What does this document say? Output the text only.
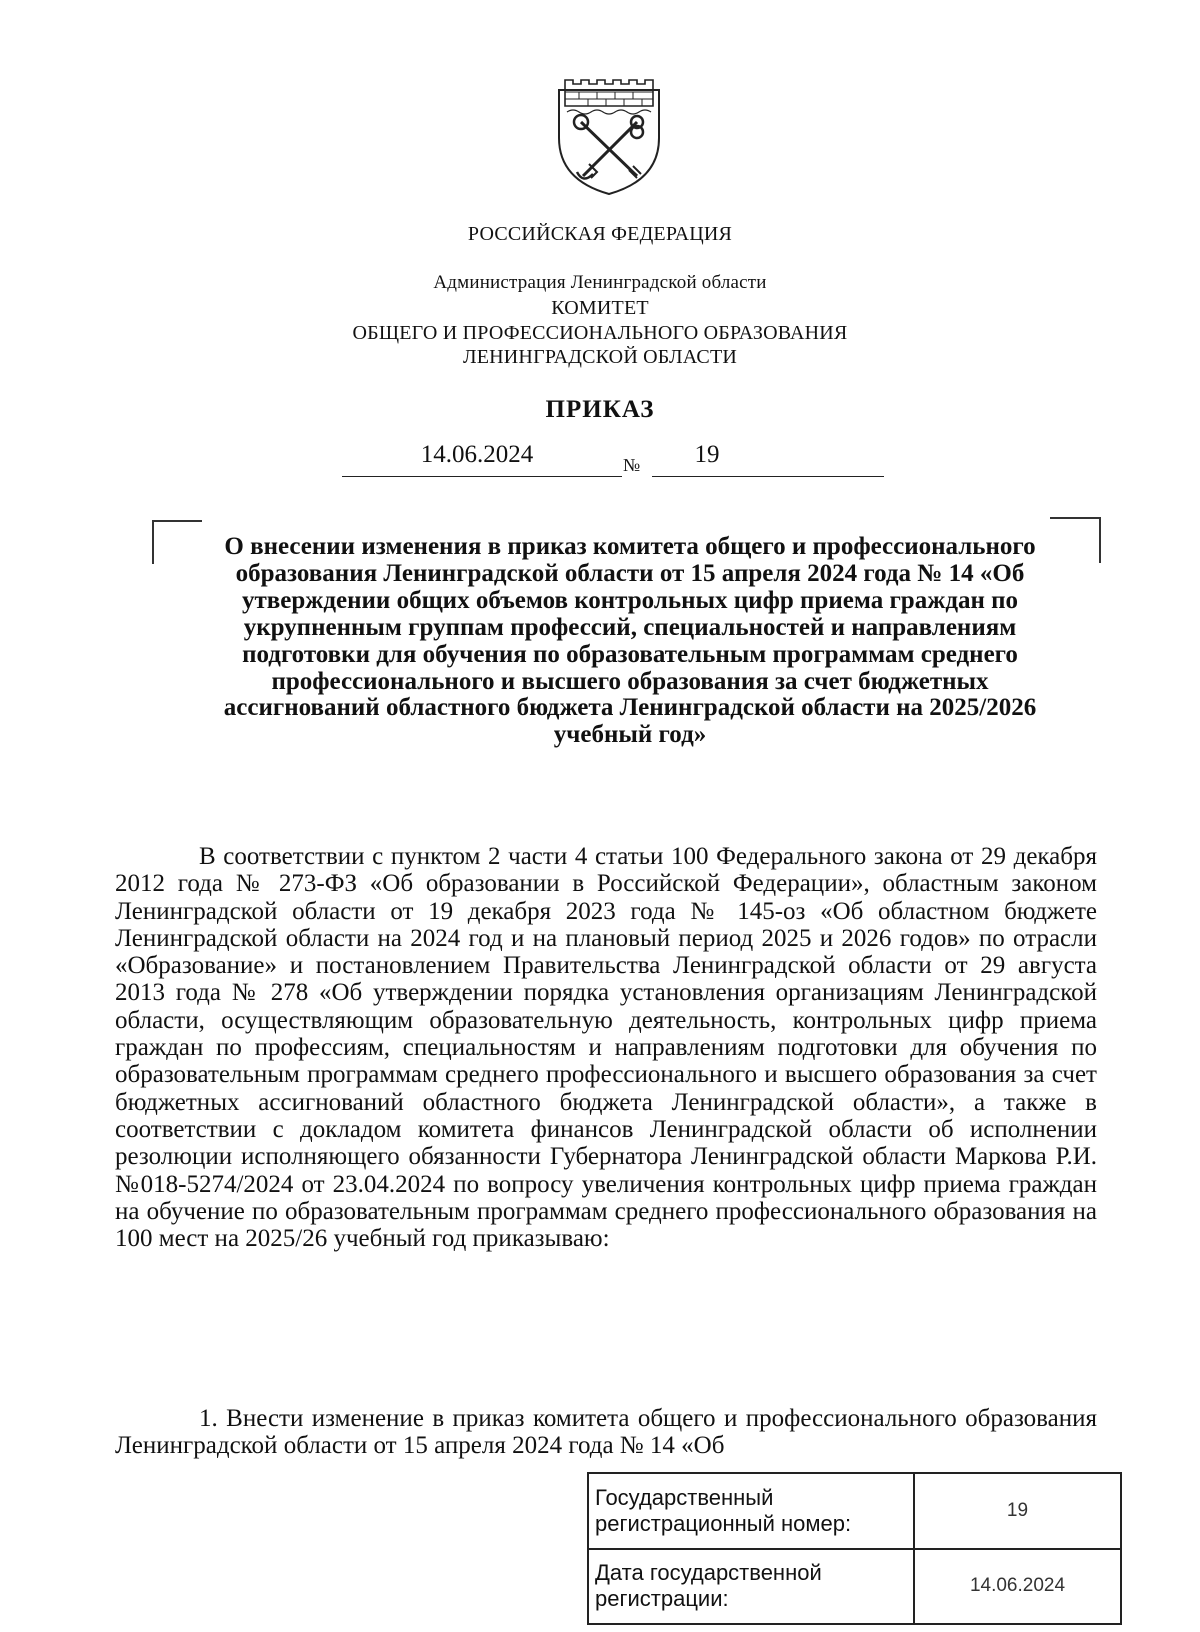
РОССИЙСКАЯ ФЕДЕРАЦИЯ
Администрация Ленинградской области
КОМИТЕТ
ОБЩЕГО И ПРОФЕССИОНАЛЬНОГО ОБРАЗОВАНИЯ
ЛЕНИНГРАДСКОЙ ОБЛАСТИ
ПРИКАЗ
14.06.2024	№	19
О внесении изменения в приказ комитета общего и профессионального образования Ленинградской области от 15 апреля 2024 года № 14 «Об утверждении общих объемов контрольных цифр приема граждан по укрупненным группам профессий, специальностей и направлениям подготовки для обучения по образовательным программам среднего профессионального и высшего образования за счет бюджетных ассигнований областного бюджета Ленинградской области на 2025/2026 учебный год»
В соответствии с пунктом 2 части 4 статьи 100 Федерального закона от 29 декабря 2012 года № 273-ФЗ «Об образовании в Российской Федерации», областным законом Ленинградской области от 19 декабря 2023 года № 145-оз «Об областном бюджете Ленинградской области на 2024 год и на плановый период 2025 и 2026 годов» по отрасли «Образование» и постановлением Правительства Ленинградской области от 29 августа 2013 года № 278 «Об утверждении порядка установления организациям Ленинградской области, осуществляющим образовательную деятельность, контрольных цифр приема граждан по профессиям, специальностям и направлениям подготовки для обучения по образовательным программам среднего профессионального и высшего образования за счет бюджетных ассигнований областного бюджета Ленинградской области», а также в соответствии с докладом комитета финансов Ленинградской области об исполнении резолюции исполняющего обязанности Губернатора Ленинградской области Маркова Р.И. №018-5274/2024 от 23.04.2024 по вопросу увеличения контрольных цифр приема граждан на обучение по образовательным программам среднего профессионального образования на 100 мест на 2025/26 учебный год приказываю:
1. Внести изменение в приказ комитета общего и профессионального образования Ленинградской области от 15 апреля 2024 года № 14 «Об
Государственный регистрационный номер:	19
Дата государственной регистрации:	14.06.2024
